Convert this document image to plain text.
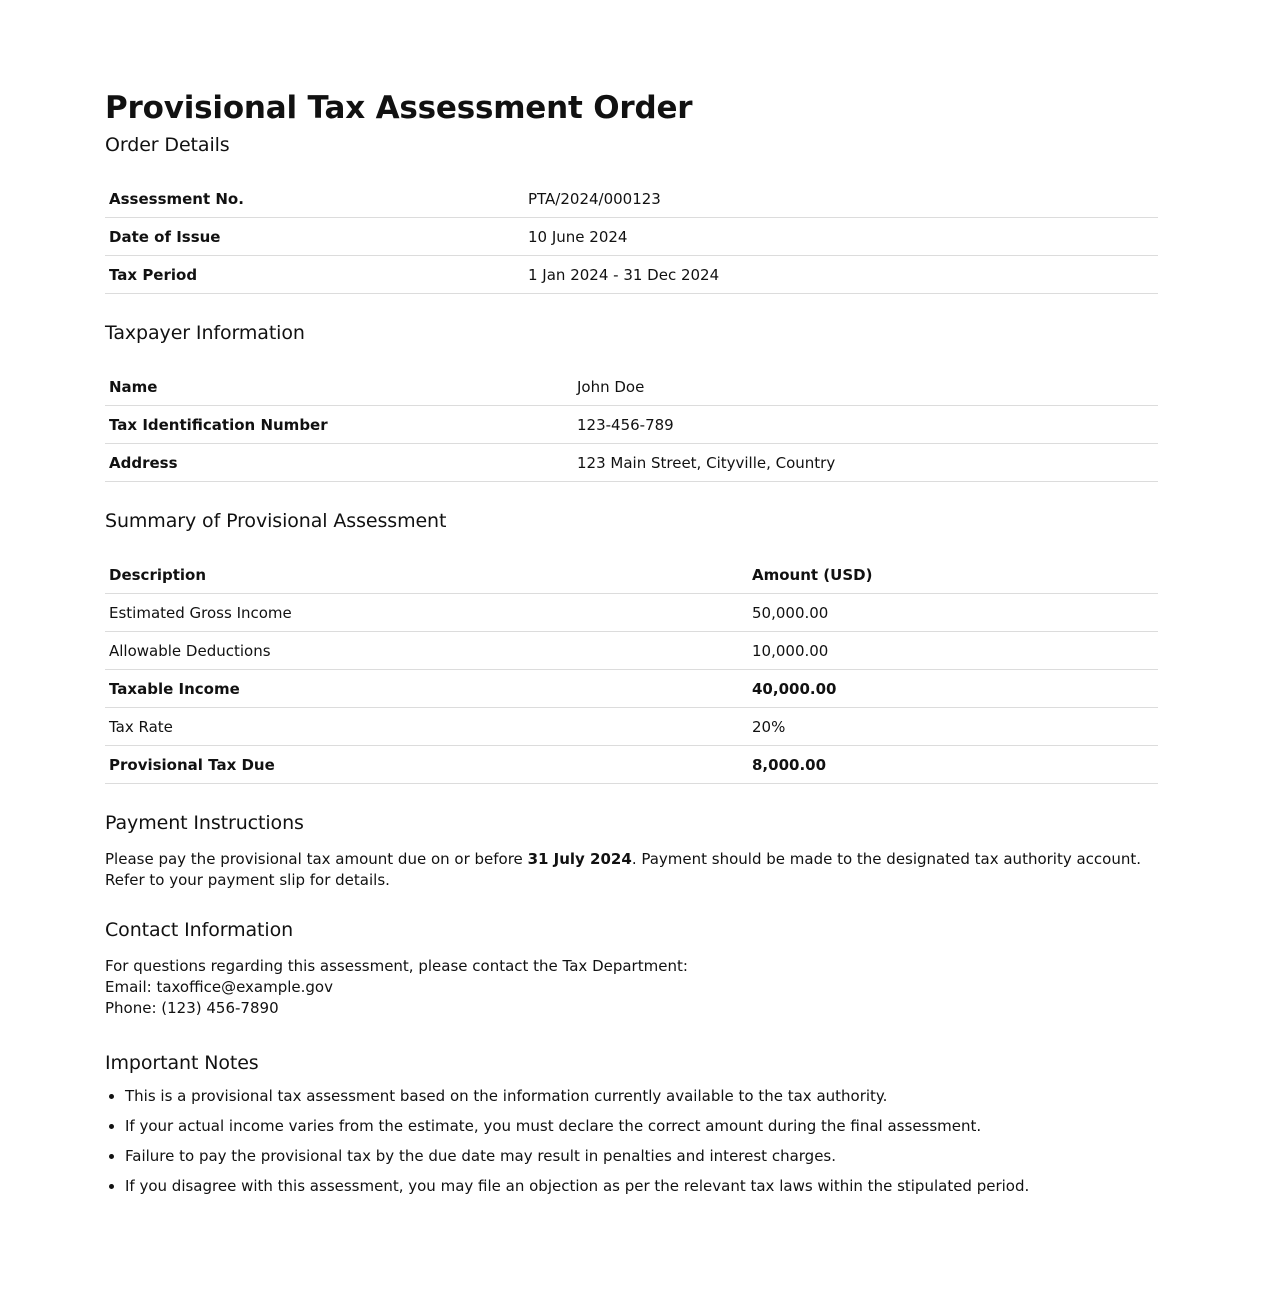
Provisional Tax Assessment Order
Order Details
Assessment No.	PTA/2024/000123
Date of Issue	10 June 2024
Tax Period	1 Jan 2024 - 31 Dec 2024
Taxpayer Information
Name	John Doe
Tax Identification Number	123-456-789
Address	123 Main Street, Cityville, Country
Summary of Provisional Assessment
Description	Amount (USD)
Estimated Gross Income	50,000.00
Allowable Deductions	10,000.00
Taxable Income	40,000.00
Tax Rate	20%
Provisional Tax Due	8,000.00
Payment Instructions

Please pay the provisional tax amount due on or before 31 July 2024. Payment should be made to the designated tax authority account. Refer to your payment slip for details.

Contact Information

For questions regarding this assessment, please contact the Tax Department:
Email: taxoffice@example.gov
Phone: (123) 456-7890

Important Notes
• This is a provisional tax assessment based on the information currently available to the tax authority.
• If your actual income varies from the estimate, you must declare the correct amount during the final assessment.
• Failure to pay the provisional tax by the due date may result in penalties and interest charges.
• If you disagree with this assessment, you may file an objection as per the relevant tax laws within the stipulated period.
